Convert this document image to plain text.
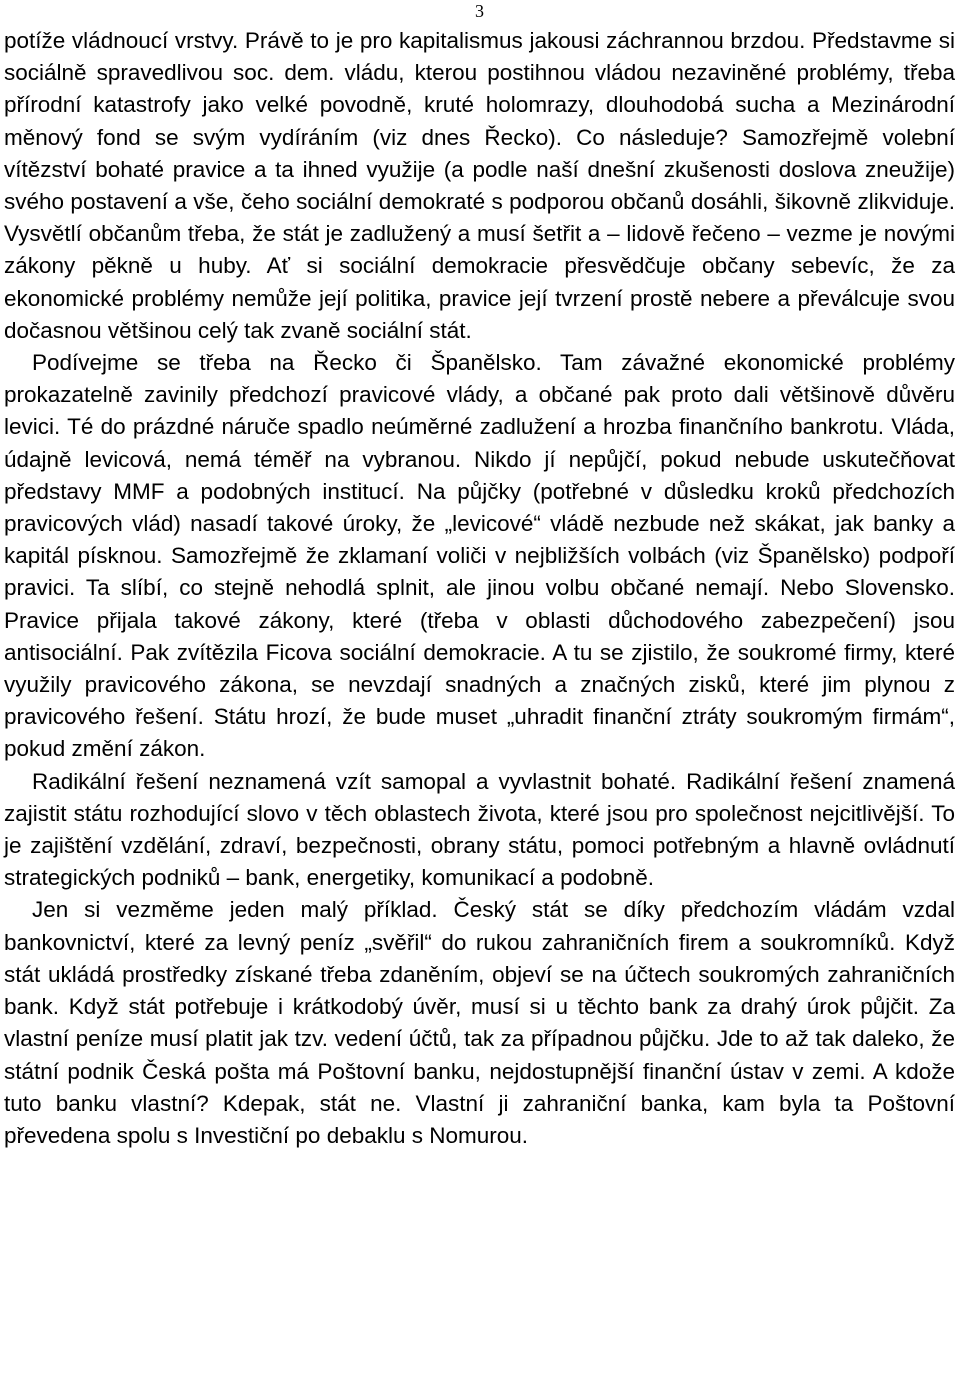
3

potíže vládnoucí vrstvy. Právě to je pro kapitalismus jakousi záchrannou brzdou. Představme si sociálně spravedlivou soc. dem. vládu, kterou postihnou vládou nezaviněné problémy, třeba přírodní katastrofy jako velké povodně, kruté holomrazy, dlouhodobá sucha a Mezinárodní měnový fond se svým vydíráním (viz dnes Řecko). Co následuje? Samozřejmě volební vítězství bohaté pravice a ta ihned využije (a podle naší dnešní zkušenosti doslova zneužije) svého postavení a vše, čeho sociální demokraté s podporou občanů dosáhli, šikovně zlikviduje. Vysvětlí občanům třeba, že stát je zadlužený a musí šetřit a – lidově řečeno – vezme je novými zákony pěkně u huby. Ať si sociální demokracie přesvědčuje občany sebevíc, že za ekonomické problémy nemůže její politika, pravice její tvrzení prostě nebere a převálcuje svou dočasnou většinou celý tak zvaně sociální stát.

Podívejme se třeba na Řecko či Španělsko. Tam závažné ekonomické problémy prokazatelně zavinily předchozí pravicové vlády, a občané pak proto dali většinově důvěru levici. Té do prázdné náruče spadlo neúměrné zadlužení a hrozba finančního bankrotu. Vláda, údajně levicová, nemá téměř na vybranou. Nikdo jí nepůjčí, pokud nebude uskutečňovat představy MMF a podobných institucí. Na půjčky (potřebné v důsledku kroků předchozích pravicových vlád) nasadí takové úroky, že „levicové“ vládě nezbude než skákat, jak banky a kapitál písknou. Samozřejmě že zklamaní voliči v nejbližších volbách (viz Španělsko) podpoří pravici. Ta slíbí, co stejně nehodlá splnit, ale jinou volbu občané nemají. Nebo Slovensko. Pravice přijala takové zákony, které (třeba v oblasti důchodového zabezpečení) jsou antisociální. Pak zvítězila Ficova sociální demokracie. A tu se zjistilo, že soukromé firmy, které využily pravicového zákona, se nevzdají snadných a značných zisků, které jim plynou z pravicového řešení. Státu hrozí, že bude muset „uhradit finanční ztráty soukromým firmám“, pokud změní zákon.

Radikální řešení neznamená vzít samopal a vyvlastnit bohaté. Radikální řešení znamená zajistit státu rozhodující slovo v těch oblastech života, které jsou pro společnost nejcitlivější. To je zajištění vzdělání, zdraví, bezpečnosti, obrany státu, pomoci potřebným a hlavně ovládnutí strategických podniků – bank, energetiky, komunikací a podobně.

Jen si vezměme jeden malý příklad. Český stát se díky předchozím vládám vzdal bankovnictví, které za levný peníz „svěřil“ do rukou zahraničních firem a soukromníků. Když stát ukládá prostředky získané třeba zdaněním, objeví se na účtech soukromých zahraničních bank. Když stát potřebuje i krátkodobý úvěr, musí si u těchto bank za drahý úrok půjčit. Za vlastní peníze musí platit jak tzv. vedení účtů, tak za případnou půjčku. Jde to až tak daleko, že státní podnik Česká pošta má Poštovní banku, nejdostupnější finanční ústav v zemi. A kdože tuto banku vlastní? Kdepak, stát ne. Vlastní ji zahraniční banka, kam byla ta Poštovní převedena spolu s Investiční po debaklu s Nomurou.
